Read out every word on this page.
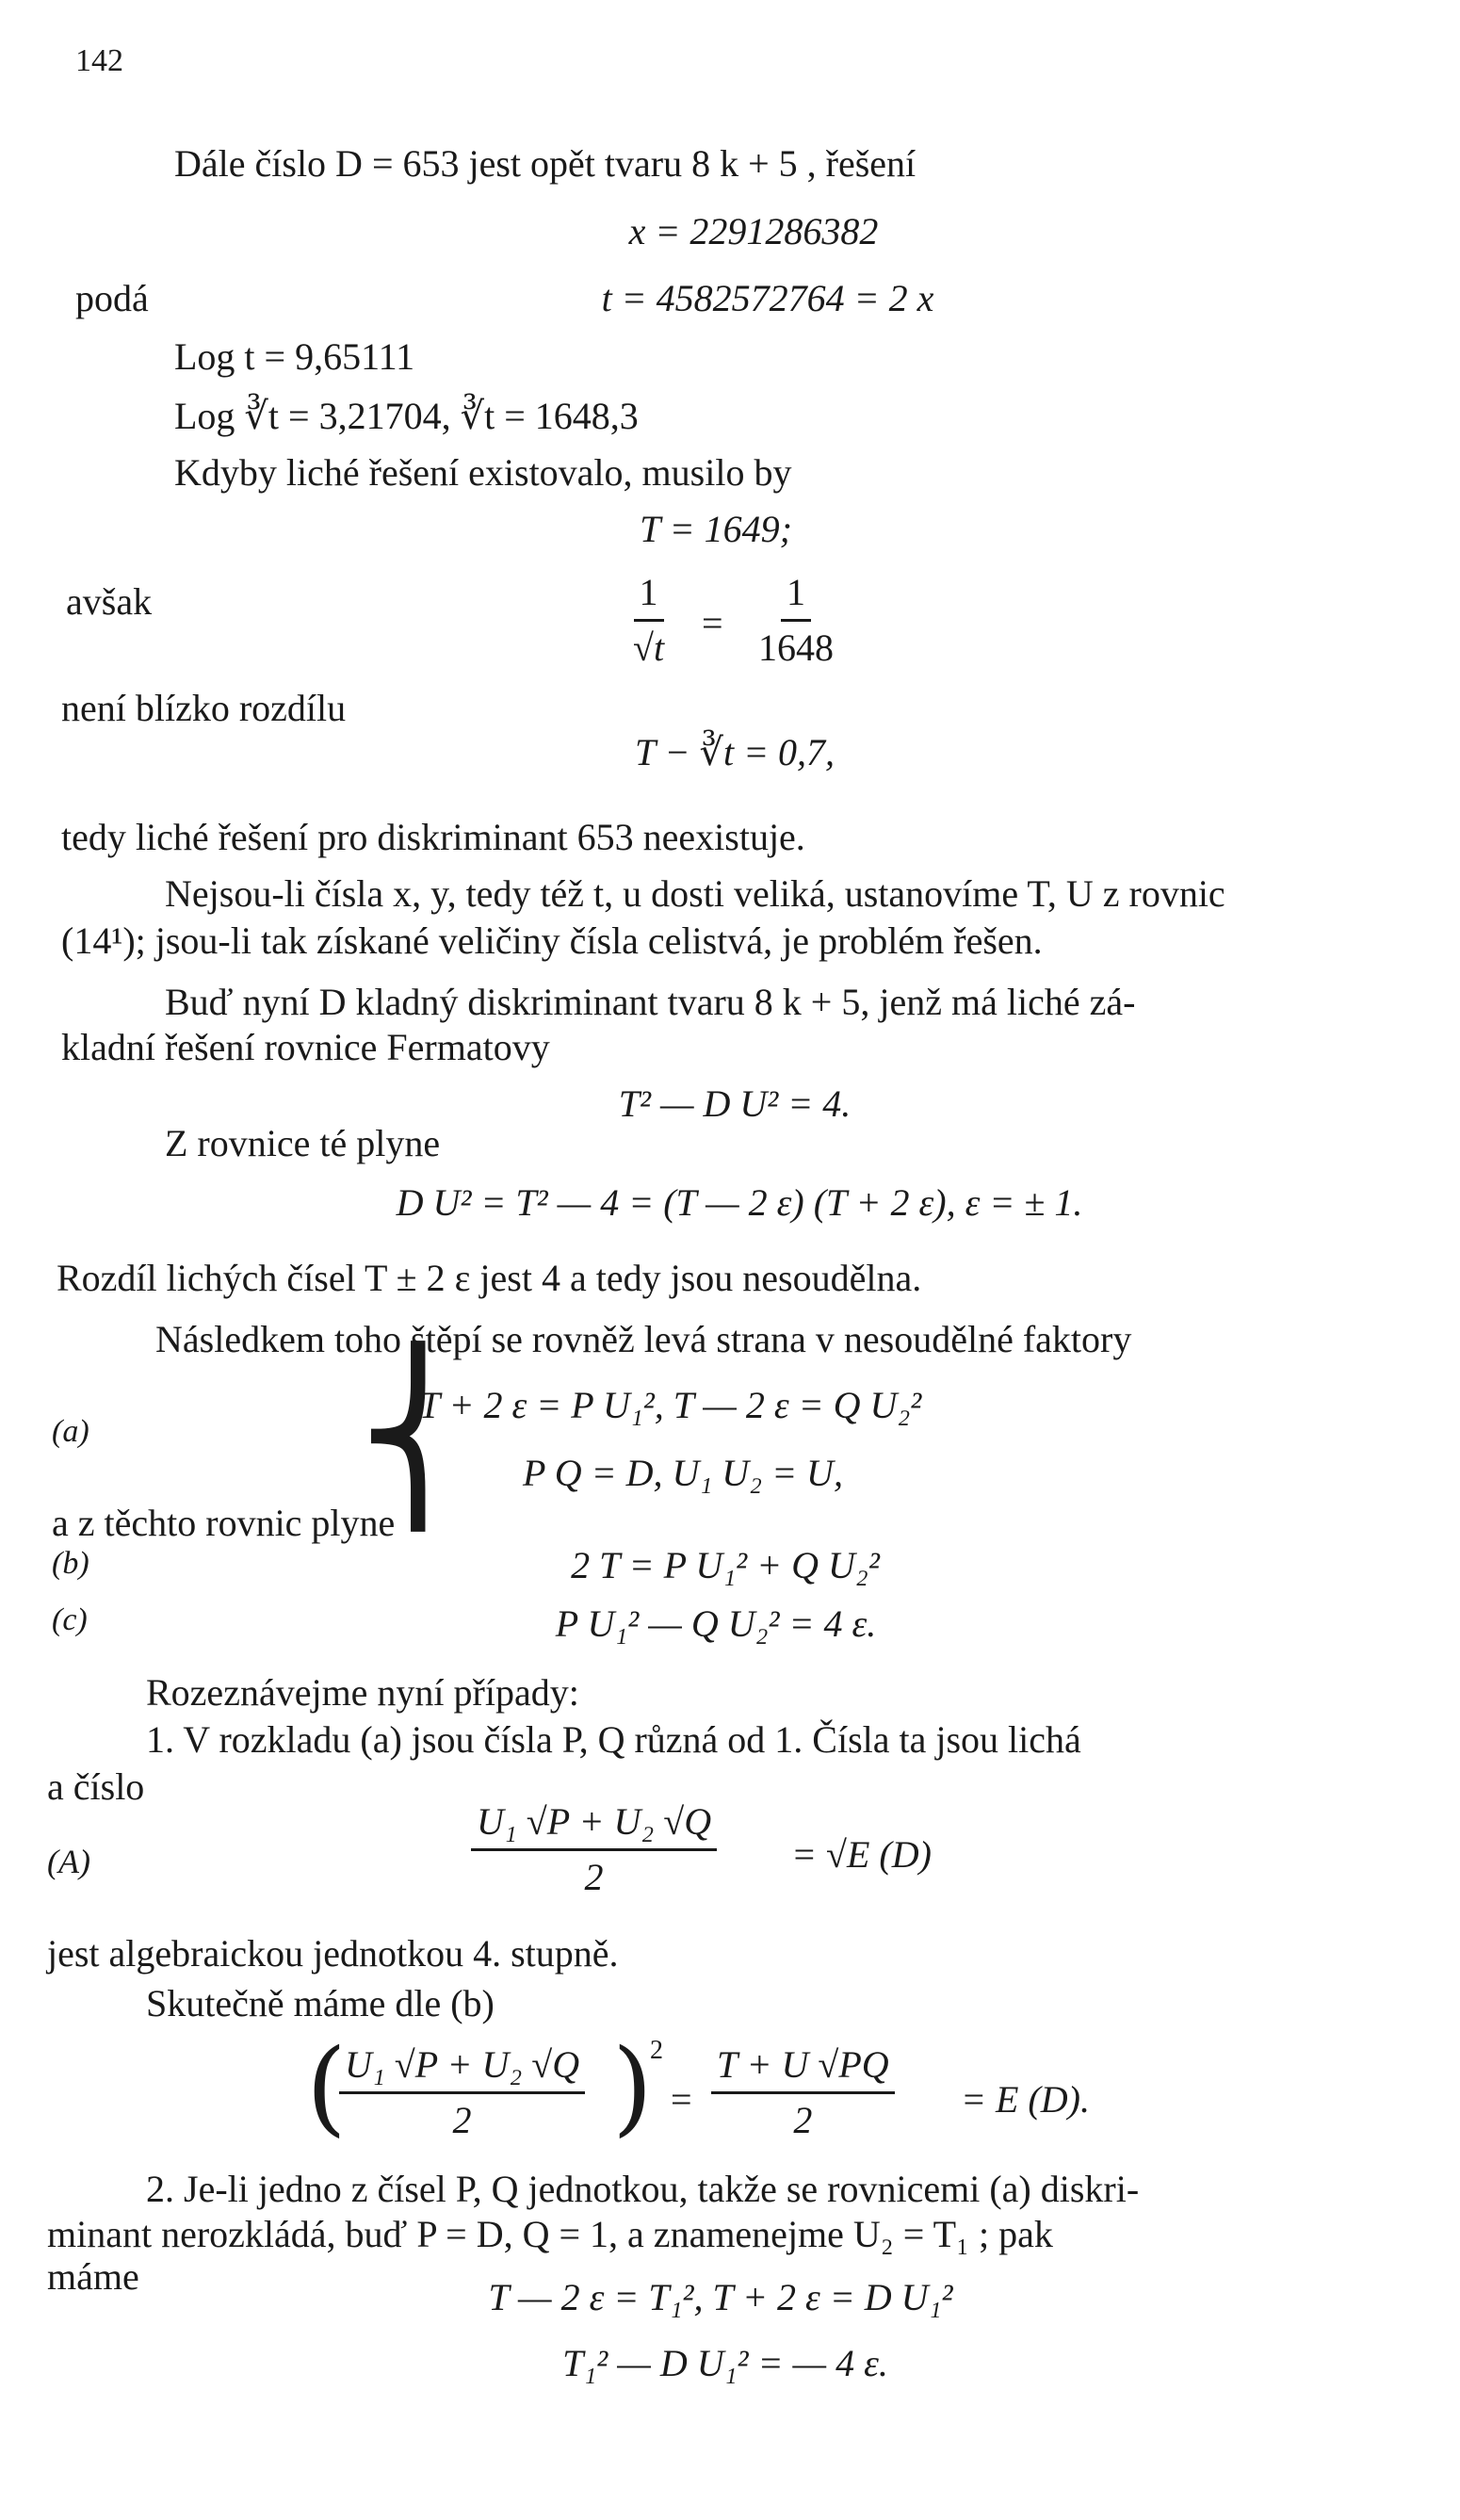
142
Dále číslo D = 653 jest opět tvaru 8 k + 5 , řešení
x = 2291286382
podá	t = 4582572764 = 2 x
Log t = 9,65111
Log ∛t = 3,21704, ∛t = 1648,3
Kdyby liché řešení existovalo, musilo by
T = 1649;
avšak	$\frac{1}{√t} = \frac{1}{1648}$
není blízko rozdílu
T − ∛t = 0,7,
tedy liché řešení pro diskriminant 653 neexistuje.
Nejsou-li čísla x, y, tedy též t, u dosti veliká, ustanovíme T, U z rovnic
(14¹); jsou-li tak získané veličiny čísla celistvá, je problém řešen.
Buď nyní D kladný diskriminant tvaru 8 k + 5, jenž má liché zá-
kladní řešení rovnice Fermatovy
T² — D U² = 4.
Z rovnice té plyne
D U² = T² — 4 = (T — 2 ε) (T + 2 ε), ε = ± 1.
Rozdíl lichých čísel T ± 2 ε jest 4 a tedy jsou nesoudělna.
Následkem toho štěpí se rovněž levá strana v nesoudělné faktory
(a) ⎨
T + 2 ε = P U₁², T — 2 ε = Q U₂²
P Q = D, U₁ U₂ = U,
a z těchto rovnic plyne
(b)	2 T = P U₁² + Q U₂²
(c)	P U₁² — Q U₂² = 4 ε.
Rozeznávejme nyní případy:
1. V rozkladu (a) jsou čísla P, Q různá od 1. Čísla ta jsou lichá
a číslo
(A)	$\frac{\text{U₁ √P + U₂ √Q}}{2} = √E$ (D)
jest algebraickou jednotkou 4. stupně.
Skutečně máme dle (b)
(
$\frac{\text{U₁ √P + U₂ √Q}}{2}$ )
2
= $\frac{T + U √PQ}{2} = E$ (D).
2. Je-li jedno z čísel P, Q jednotkou, takže se rovnicemi (a) diskri-
minant nerozkládá, buď P = D, Q = 1, a znamenejme U₂ = T₁ ; pak
máme	T — 2 ε = T₁², T + 2 ε = D U₁²
T₁² — D U₁² = — 4 ε.
